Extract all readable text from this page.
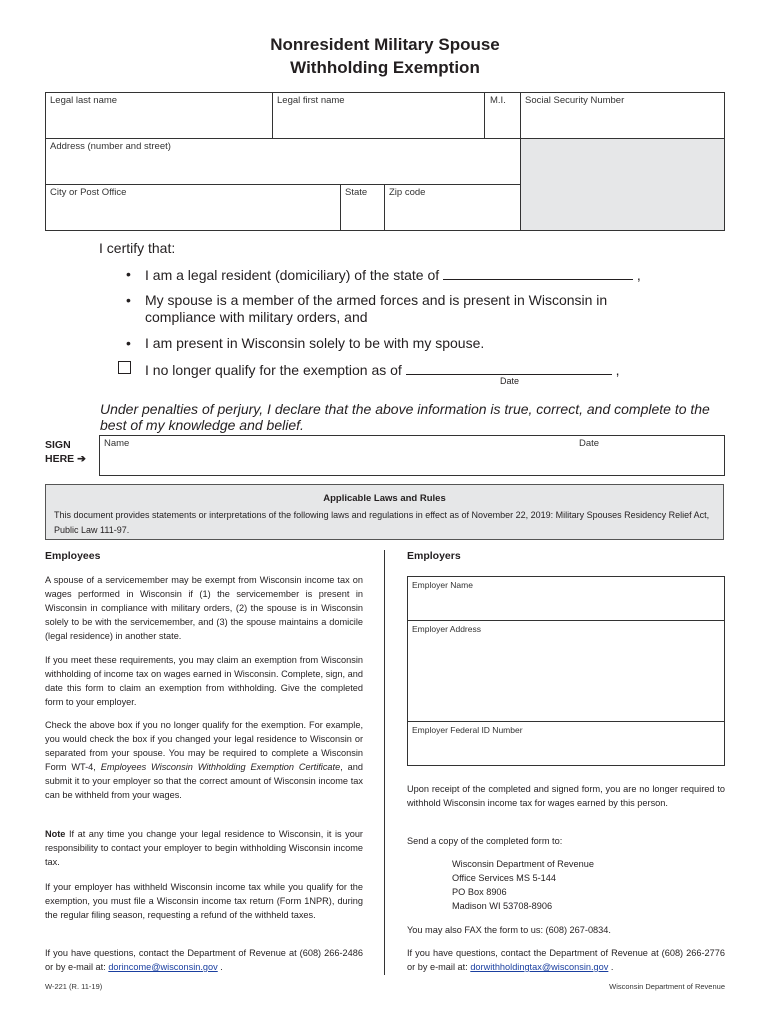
Nonresident Military Spouse
Withholding Exemption
Legal last name	Legal first name	M.I. Social Security Number
Address (number and street)
City or Post Office	State Zip code
I certify that:
• I am a legal resident (domiciliary) of the state of	,
• My spouse is a member of the armed forces and is present in Wisconsin in
compliance with military orders, and
• I am present in Wisconsin solely to be with my spouse.
I no longer qualify for the exemption as of	,
Date
Under penalties of perjury, I declare that the above information is true, correct, and complete to the best of my knowledge and belief.
SIGN
HERE ➔
Name	Date
Applicable Laws and Rules
This document provides statements or interpretations of the following laws and regulations in effect as of November 22, 2019: Military Spouses Residency Relief Act, Public Law 111-97.
Employees
A spouse of a servicemember may be exempt from Wisconsin income tax on wages performed in Wisconsin if (1) the servicemember is present in Wisconsin in compliance with military orders, (2) the spouse is in Wisconsin solely to be with the servicemember, and (3) the spouse maintains a domicile (legal residence) in another state.
If you meet these requirements, you may claim an exemption from Wisconsin withholding of income tax on wages earned in Wisconsin. Complete, sign, and date this form to claim an exemption from withholding. Give the completed form to your employer.
Check the above box if you no longer qualify for the exemption. For example, you would check the box if you changed your legal residence to Wisconsin or separated from your spouse. You may be required to complete a Wisconsin Form WT-4, Employees Wisconsin Withholding Exemption Certificate, and submit it to your employer so that the correct amount of Wisconsin income tax can be withheld from your wages.
Note If at any time you change your legal residence to Wisconsin, it is your responsibility to contact your employer to begin withholding Wisconsin income tax.
If your employer has withheld Wisconsin income tax while you qualify for the exemption, you must file a Wisconsin income tax return (Form 1NPR), during the regular filing season, requesting a refund of the withheld taxes.
If you have questions, contact the Department of Revenue at (608) 266-2486 or by e-mail at: dorincome@wisconsin.gov .
Employers
Employer Name
Employer Address
Employer Federal ID Number
Upon receipt of the completed and signed form, you are no longer required to withhold Wisconsin income tax for wages earned by this person.
Send a copy of the completed form to:
Wisconsin Department of Revenue
Office Services MS 5-144
PO Box 8906
Madison WI 53708-8906
You may also FAX the form to us: (608) 267-0834.
If you have questions, contact the Department of Revenue at (608) 266-2776 or by e-mail at: dorwithholdingtax@wisconsin.gov .
W-221 (R. 11-19)	Wisconsin Department of Revenue
